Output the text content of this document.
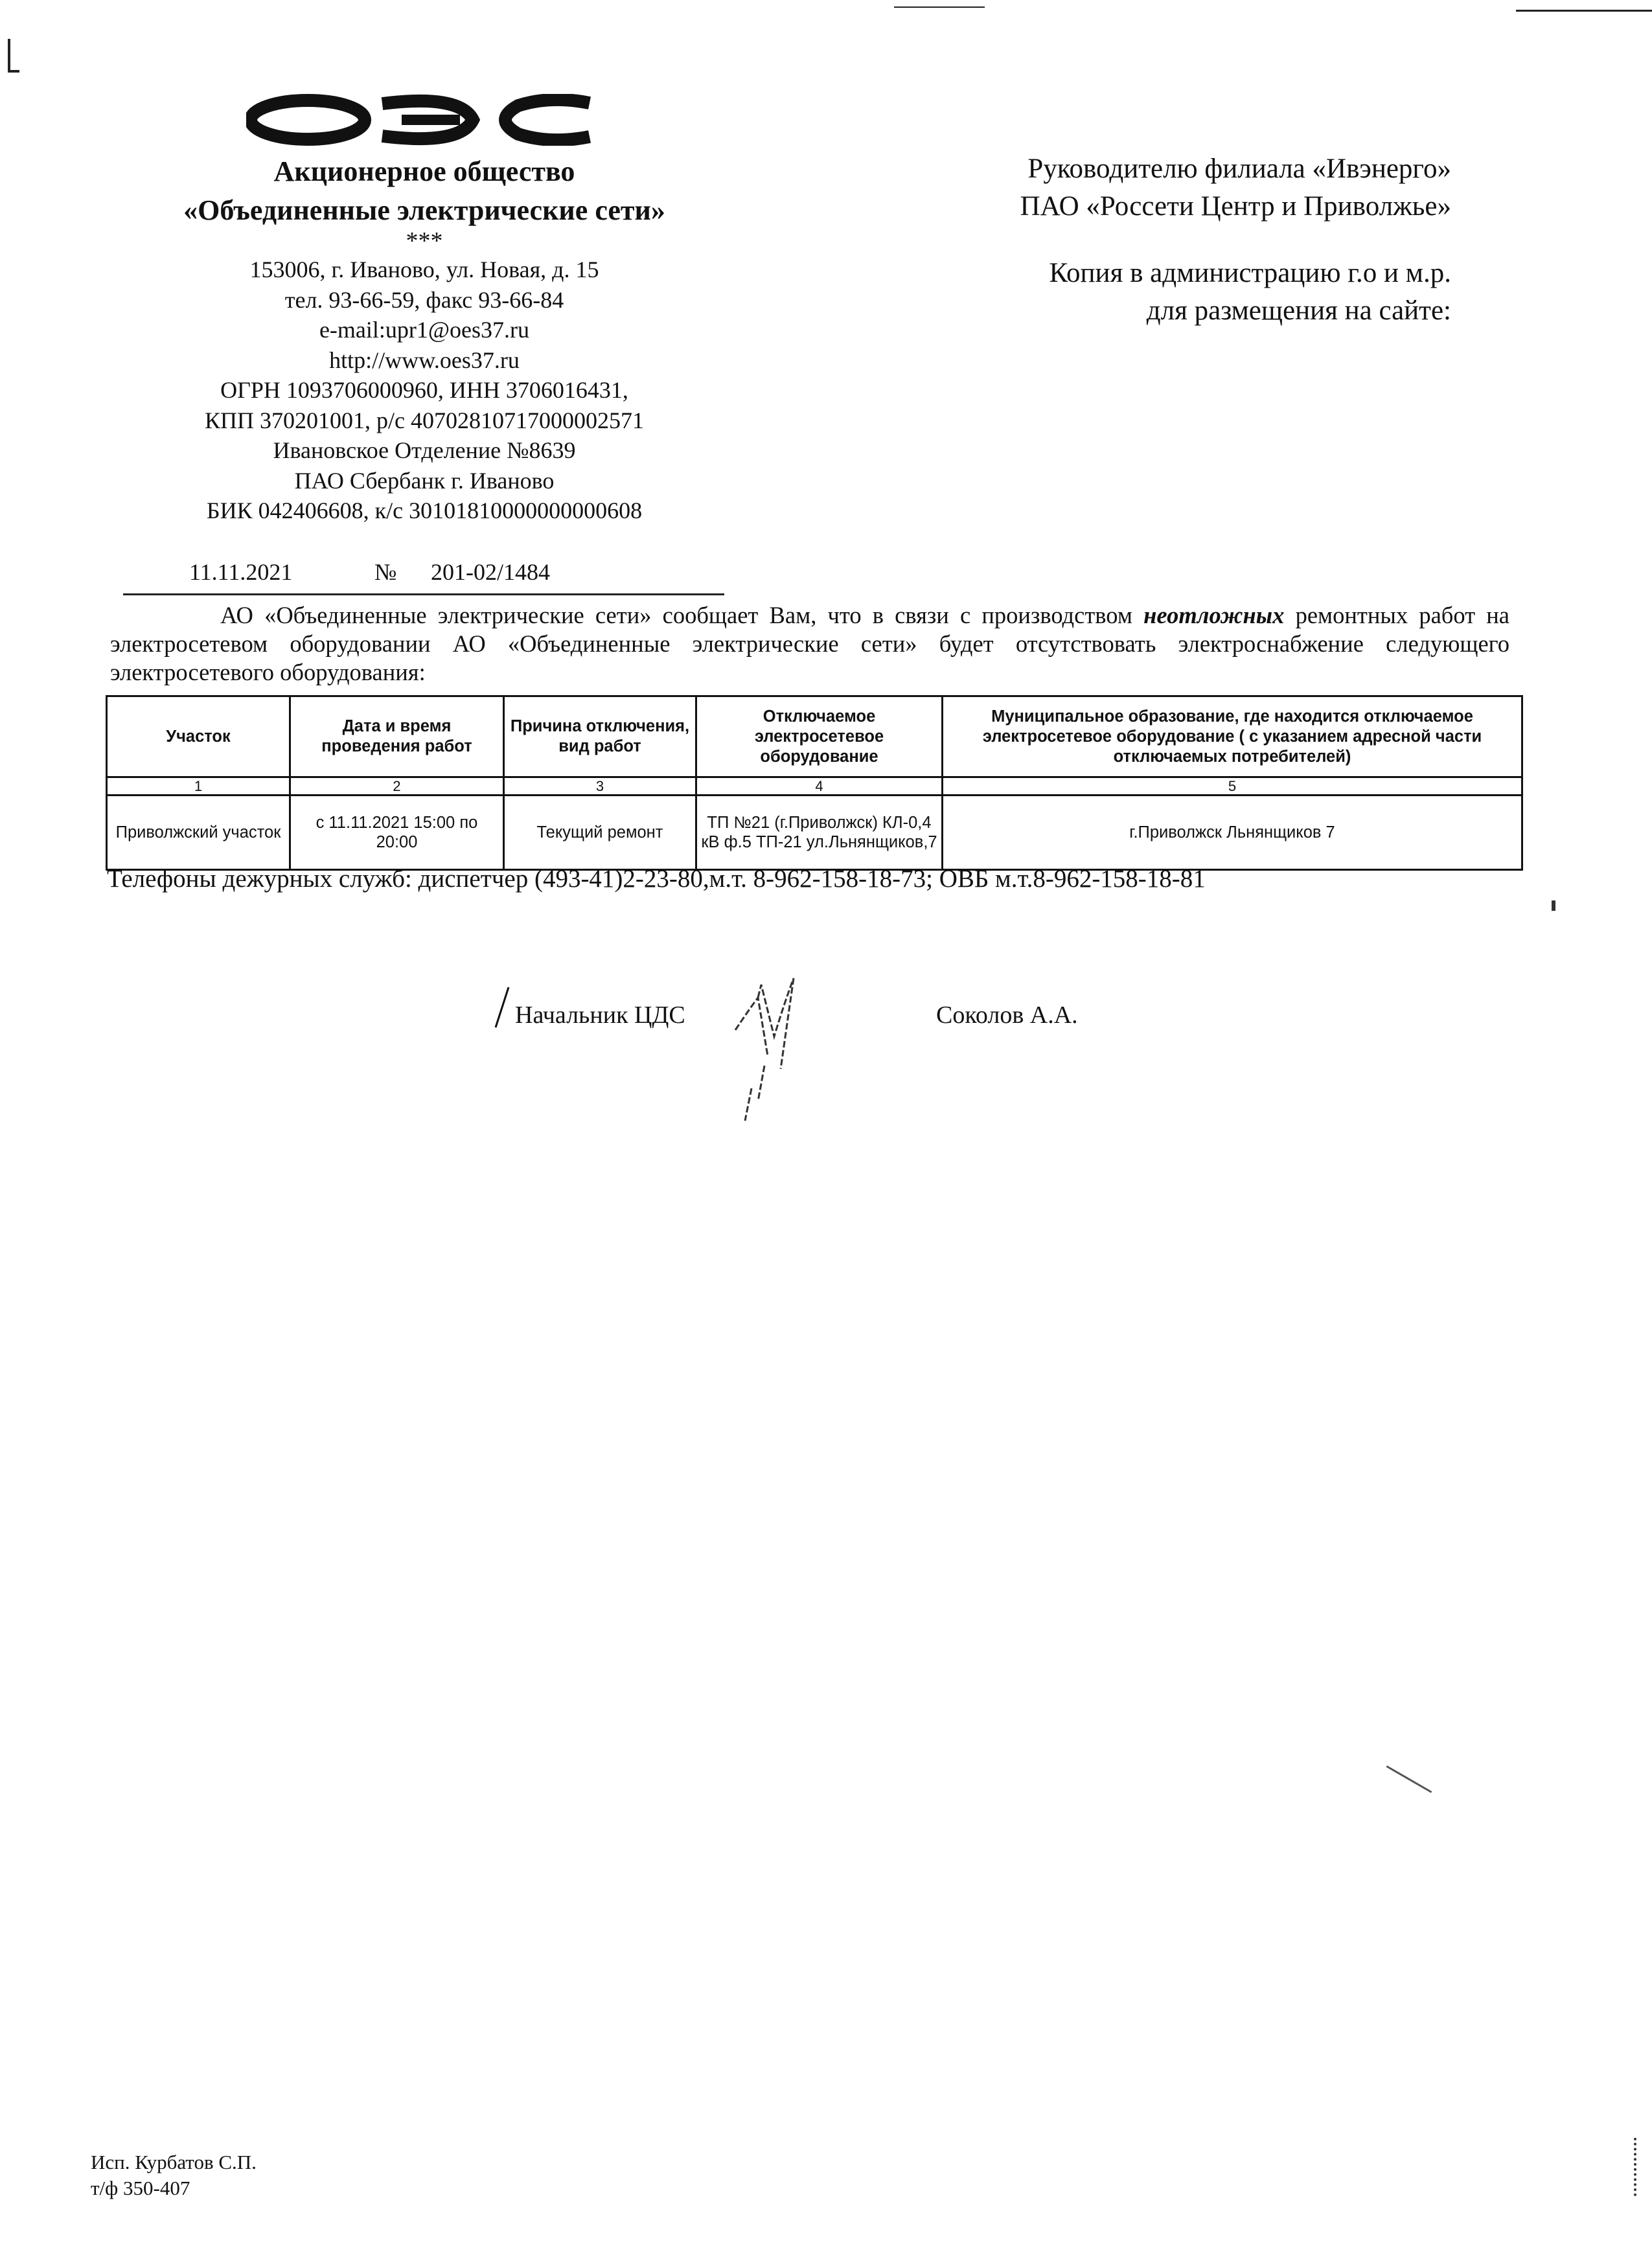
Акционерное общество
«Объединенные электрические сети»
***
153006, г. Иваново, ул. Новая, д. 15
тел. 93-66-59, факс 93-66-84
e-mail:upr1@oes37.ru
http://www.oes37.ru
ОГРН 1093706000960, ИНН 3706016431,
КПП 370201001, р/с 40702810717000002571
Ивановское Отделение №8639
ПАО Сбербанк г. Иваново
БИК 042406608, к/с 30101810000000000608
Руководителю филиала «Ивэнерго»
ПАО «Россети Центр и Приволжье»
Копия в администрацию г.о и м.р.
для размещения на сайте:
11.11.2021	№ 201-02/1484
АО «Объединенные электрические сети» сообщает Вам, что в связи с производством неотложных ремонтных работ на электросетевом оборудовании АО «Объединенные электрические сети» будет отсутствовать электроснабжение следующего электросетевого оборудования:
Участок	Дата и время проведения работ	Причина отключения, вид работ	Отключаемое электросетевое оборудование	Муниципальное образование, где находится отключаемое электросетевое оборудование ( с указанием адресной части отключаемых потребителей)
1	2	3	4	5
Приволжский участок	с 11.11.2021 15:00 по 20:00	Текущий ремонт	ТП №21 (г.Приволжск) КЛ-0,4 кВ ф.5 ТП-21 ул.Льнянщиков,7	г.Приволжск Льнянщиков 7
Телефоны дежурных служб: диспетчер (493-41)2-23-80,м.т. 8-962-158-18-73; ОВБ м.т.8-962-158-18-81
Начальник ЦДС	Соколов А.А.
Исп. Курбатов С.П.
т/ф 350-407
